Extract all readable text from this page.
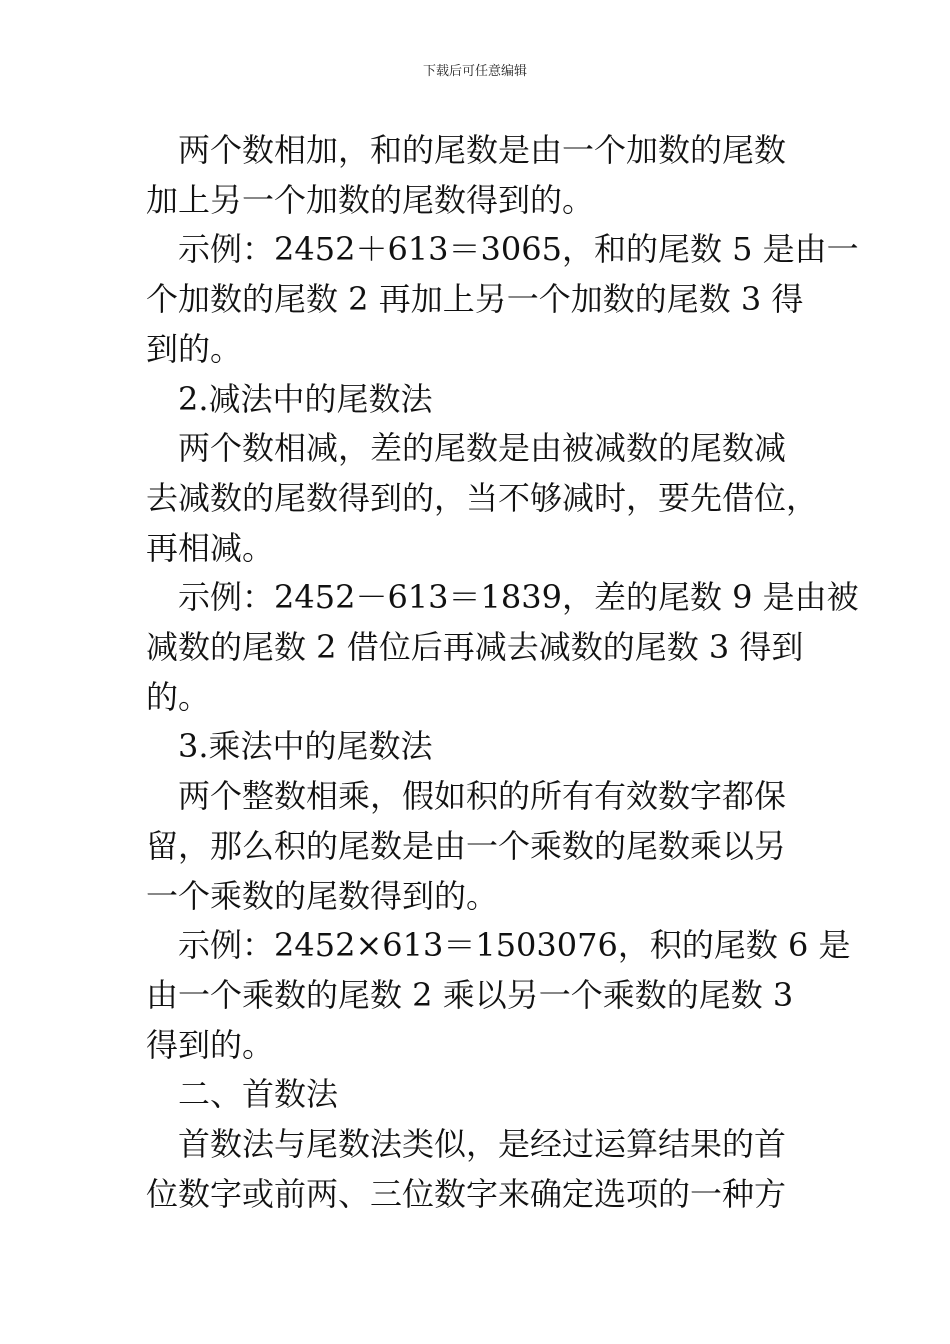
下载后可任意编辑

两个数相加，和的尾数是由一个加数的尾数
加上另一个加数的尾数得到的。

示例：2452＋613＝3065，和的尾数 5 是由一
个加数的尾数 2 再加上另一个加数的尾数 3 得
到的。

2.减法中的尾数法

两个数相减，差的尾数是由被减数的尾数减
去减数的尾数得到的，当不够减时，要先借位，
再相减。

示例：2452－613＝1839，差的尾数 9 是由被
减数的尾数 2 借位后再减去减数的尾数 3 得到
的。

3.乘法中的尾数法

两个整数相乘，假如积的所有有效数字都保
留，那么积的尾数是由一个乘数的尾数乘以另
一个乘数的尾数得到的。

示例：2452×613＝1503076，积的尾数 6 是
由一个乘数的尾数 2 乘以另一个乘数的尾数 3
得到的。

二、首数法

首数法与尾数法类似，是经过运算结果的首
位数字或前两、三位数字来确定选项的一种方
